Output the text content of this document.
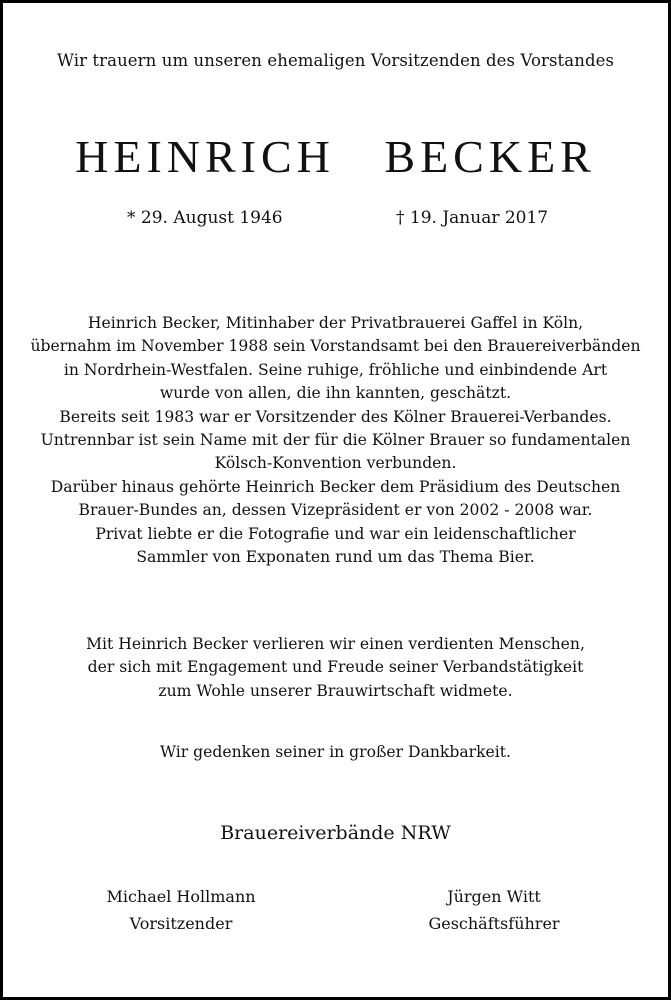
Wir trauern um unseren ehemaligen Vorsitzenden des Vorstandes

HEINRICH BECKER
* 29. August 1946	† 19. Januar 2017
Heinrich Becker, Mitinhaber der Privatbrauerei Gaffel in Köln,
übernahm im November 1988 sein Vorstandsamt bei den Brauereiverbänden
in Nordrhein-Westfalen. Seine ruhige, fröhliche und einbindende Art
wurde von allen, die ihn kannten, geschätzt.
Bereits seit 1983 war er Vorsitzender des Kölner Brauerei-Verbandes.
Untrennbar ist sein Name mit der für die Kölner Brauer so fundamentalen
Kölsch-Konvention verbunden.
Darüber hinaus gehörte Heinrich Becker dem Präsidium des Deutschen
Brauer-Bundes an, dessen Vizepräsident er von 2002 - 2008 war.
Privat liebte er die Fotografie und war ein leidenschaftlicher
Sammler von Exponaten rund um das Thema Bier.
Mit Heinrich Becker verlieren wir einen verdienten Menschen,
der sich mit Engagement und Freude seiner Verbandstätigkeit
zum Wohle unserer Brauwirtschaft widmete.

Wir gedenken seiner in großer Dankbarkeit.

Brauereiverbände NRW

Michael Hollmann
Vorsitzender
Jürgen Witt
Geschäftsführer
